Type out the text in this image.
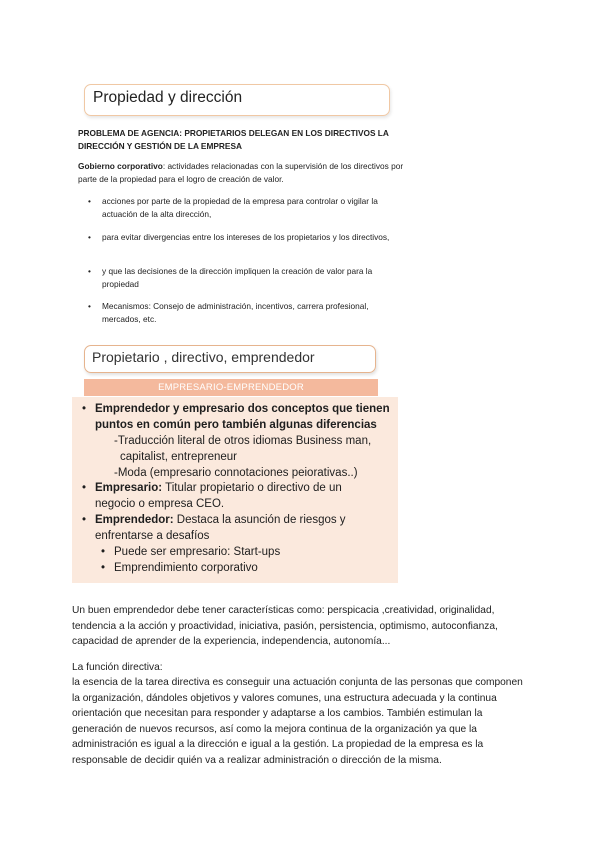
Propiedad y dirección
PROBLEMA DE AGENCIA: PROPIETARIOS DELEGAN EN LOS DIRECTIVOS LA DIRECCIÓN Y GESTIÓN DE LA EMPRESA
Gobierno corporativo: actividades relacionadas con la supervisión de los directivos por parte de la propiedad para el logro de creación de valor.
• acciones por parte de la propiedad de la empresa para controlar o vigilar la actuación de la alta dirección,
• para evitar divergencias entre los intereses de los propietarios y los directivos,
• y que las decisiones de la dirección impliquen la creación de valor para la propiedad
• Mecanismos: Consejo de administración, incentivos, carrera profesional, mercados, etc.
Propietario , directivo, emprendedor
EMPRESARIO-EMPRENDEDOR
• Emprendedor y empresario dos conceptos que tienen
puntos en común pero también algunas diferencias
-Traducción literal de otros idiomas Business man,
capitalist, entrepreneur
-Moda (empresario connotaciones peiorativas..)
• Empresario: Titular propietario o directivo de un
negocio o empresa CEO.
• Emprendedor: Destaca la asunción de riesgos y
enfrentarse a desafíos
• Puede ser empresario: Start-ups
• Emprendimiento corporativo
Un buen emprendedor debe tener características como: perspicacia ,creatividad, originalidad, tendencia a la acción y proactividad, iniciativa, pasión, persistencia, optimismo, autoconfianza, capacidad de aprender de la experiencia, independencia, autonomía...
La función directiva:
la esencia de la tarea directiva es conseguir una actuación conjunta de las personas que componen la organización, dándoles objetivos y valores comunes, una estructura adecuada y la continua orientación que necesitan para responder y adaptarse a los cambios. También estimulan la generación de nuevos recursos, así como la mejora continua de la organización ya que la administración es igual a la dirección e igual a la gestión. La propiedad de la empresa es la responsable de decidir quién va a realizar administración o dirección de la misma.
